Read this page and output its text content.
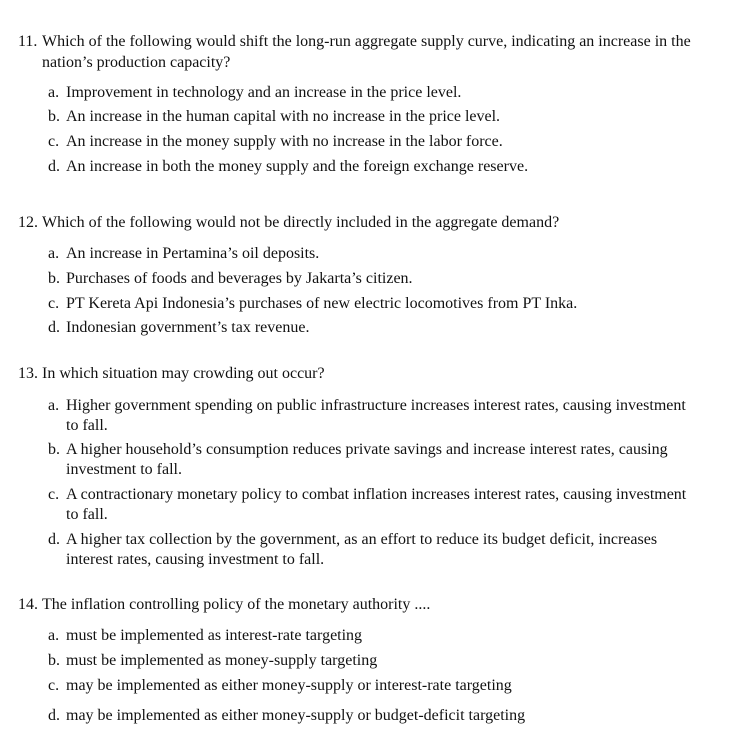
11. Which of the following would shift the long-run aggregate supply curve, indicating an increase in the nation’s production capacity?
a. Improvement in technology and an increase in the price level.
b. An increase in the human capital with no increase in the price level.
c. An increase in the money supply with no increase in the labor force.
d. An increase in both the money supply and the foreign exchange reserve.
12. Which of the following would not be directly included in the aggregate demand?
a. An increase in Pertamina’s oil deposits.
b. Purchases of foods and beverages by Jakarta’s citizen.
c. PT Kereta Api Indonesia’s purchases of new electric locomotives from PT Inka.
d. Indonesian government’s tax revenue.
13. In which situation may crowding out occur?
a. Higher government spending on public infrastructure increases interest rates, causing investment to fall.
b. A higher household’s consumption reduces private savings and increase interest rates, causing investment to fall.
c. A contractionary monetary policy to combat inflation increases interest rates, causing investment to fall.
d. A higher tax collection by the government, as an effort to reduce its budget deficit, increases interest rates, causing investment to fall.
14. The inflation controlling policy of the monetary authority ....
a. must be implemented as interest-rate targeting
b. must be implemented as money-supply targeting
c. may be implemented as either money-supply or interest-rate targeting
d. may be implemented as either money-supply or budget-deficit targeting
